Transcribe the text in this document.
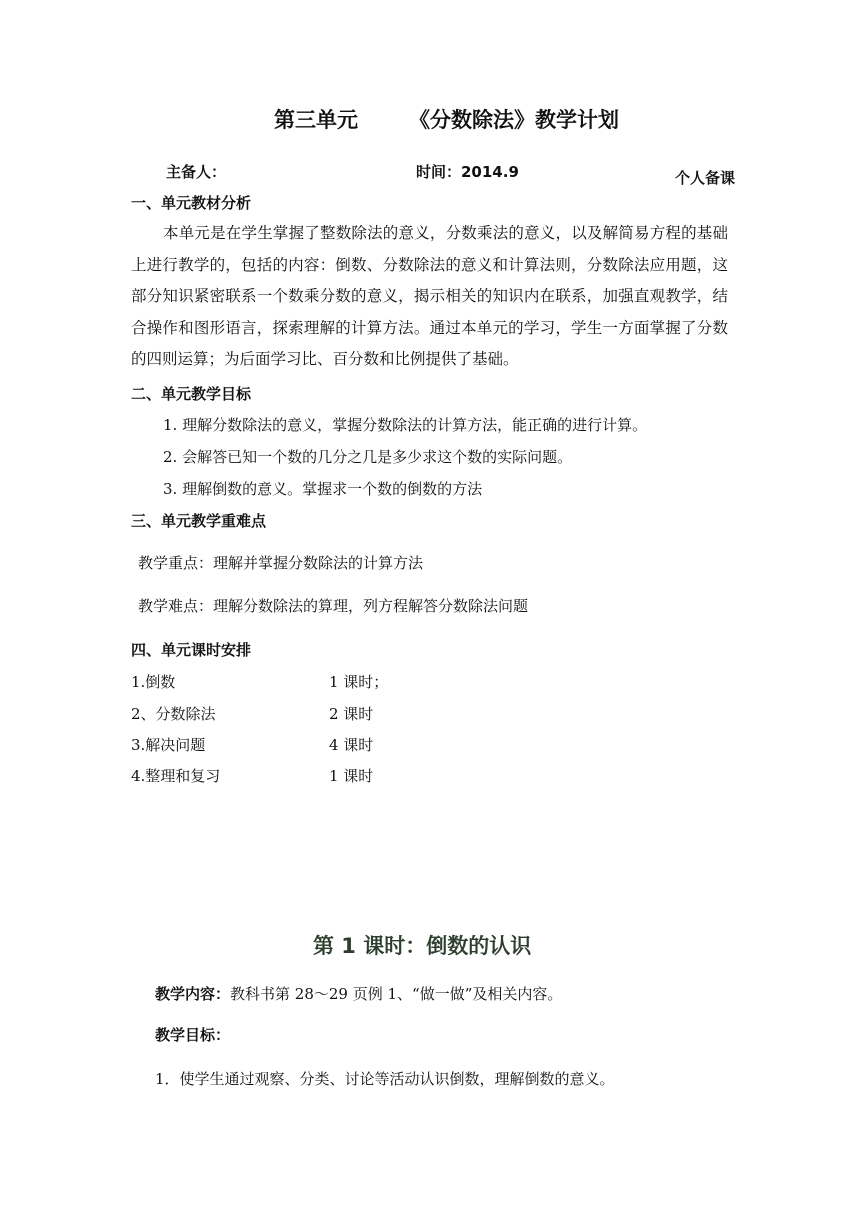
第三单元 《分数除法》教学计划
主备人：	时间：2014.9	个人备课
一、单元教材分析
本单元是在学生掌握了整数除法的意义，分数乘法的意义，以及解简易方程的基础上进行教学的，包括的内容：倒数、分数除法的意义和计算法则，分数除法应用题，这部分知识紧密联系一个数乘分数的意义，揭示相关的知识内在联系，加强直观教学，结合操作和图形语言，探索理解的计算方法。通过本单元的学习，学生一方面掌握了分数的四则运算；为后面学习比、百分数和比例提供了基础。
二、单元教学目标
1. 理解分数除法的意义，掌握分数除法的计算方法，能正确的进行计算。
2. 会解答已知一个数的几分之几是多少求这个数的实际问题。
3. 理解倒数的意义。掌握求一个数的倒数的方法
三、单元教学重难点
教学重点：理解并掌握分数除法的计算方法
教学难点：理解分数除法的算理，列方程解答分数除法问题
四、单元课时安排
1.倒数	1 课时；
2、分数除法	2 课时
3.解决问题	4 课时
4.整理和复习	1 课时
第 1 课时：倒数的认识
教学内容：教科书第 28～29 页例 1、“做一做”及相关内容。
教学目标：
1．使学生通过观察、分类、讨论等活动认识倒数，理解倒数的意义。
